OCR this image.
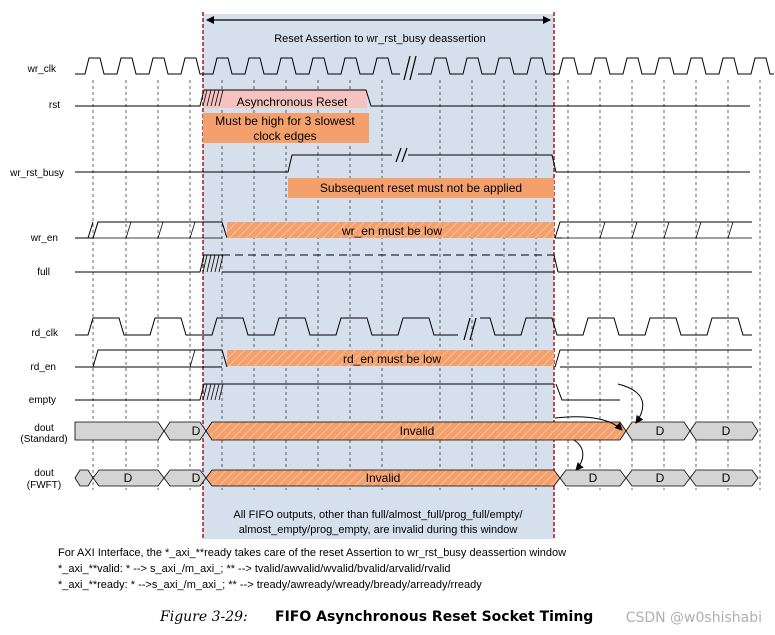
Reset Assertion to wr_rst_busy deassertion
wr_clk
rst
wr_rst_busy
wr_en
full
rd_clk
rd_en
empty
dout
(Standard)
dout
(FWFT)
Asynchronous Reset
Must be high for 3 slowest
clock edges
Subsequent reset must not be applied
wr_en must be low
rd_en must be low
D	Invalid	D	D
D	D	Invalid	D	D	D
All FIFO outputs, other than full/almost_full/prog_full/empty/
almost_empty/prog_empty, are invalid during this window
For AXI Interface, the *_axi_**ready takes care of the reset Assertion to wr_rst_busy deassertion window
*_axi_**valid: * --> s_axi_/m_axi_; ** --> tvalid/awvalid/wvalid/bvalid/arvalid/rvalid
*_axi_**ready: * -->s_axi_/m_axi_; ** --> tready/awready/wready/bready/arready/rready
Figure 3-29: FIFO Asynchronous Reset Socket Timing CSDN @w0shishabi
